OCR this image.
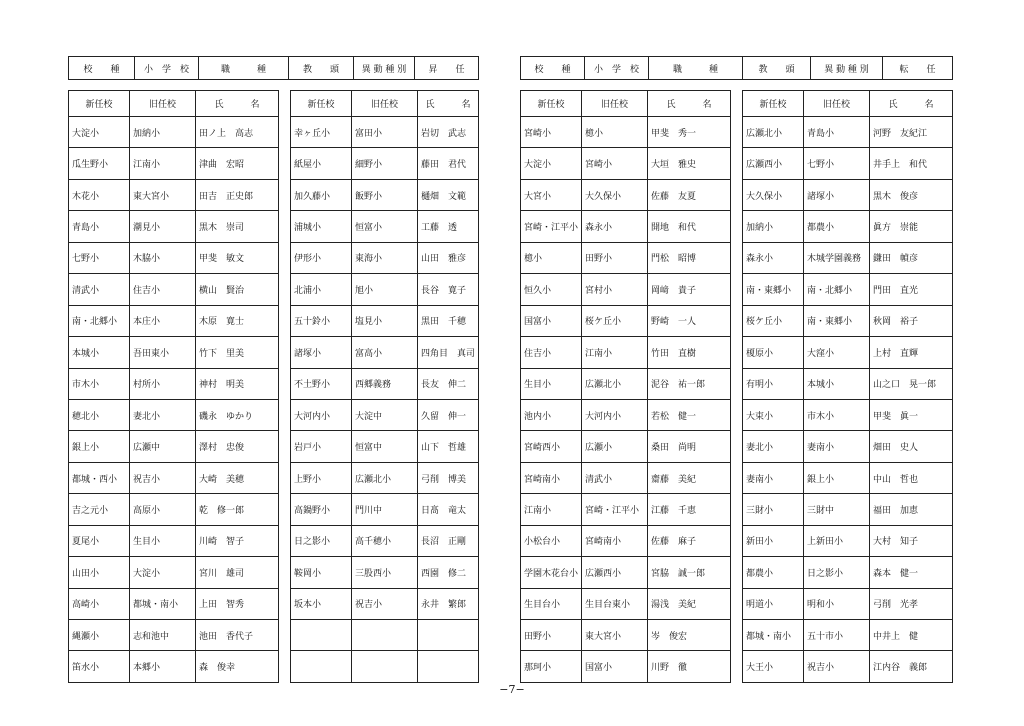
校　　種	小　学　校	職　　　種	教　　頭	異 動 種 別	昇　　任	校　　種	小　学　校	職　　　種	教　　頭	異 動 種 別	転　　任
新任校	旧任校	氏　　　名
大淀小	加納小	田ノ上　高志
瓜生野小	江南小	津曲　宏昭
木花小	東大宮小	田吉　正史郎
青島小	潮見小	黒木　崇司
七野小	木脇小	甲斐　敏文
清武小	住吉小	横山　賢治
南・北郷小	本庄小	木原　寛士
本城小	吾田東小	竹下　里美
市木小	村所小	神村　明美
穂北小	妻北小	磯永　ゆかり
銀上小	広瀬中	澤村　忠俊
都城・西小	祝吉小	大崎　美穂
吉之元小	高原小	乾　修一郎
夏尾小	生目小	川崎　智子
山田小	大淀小	宮川　雄司
高崎小	都城・南小	上田　智秀
縄瀬小	志和池中	池田　香代子
笛水小	本郷小	森　俊幸
新任校	旧任校	氏　　　名
幸ヶ丘小	富田小	岩切　武志
紙屋小	細野小	藤田　君代
加久藤小	飯野小	樋畑　文範
浦城小	恒富小	工藤　透
伊形小	東海小	山田　雅彦
北浦小	旭小	長谷　寛子
五十鈴小	塩見小	黒田　千穂
諸塚小	富高小	四角目　真司
不土野小	西郷義務	長友　伸二
大河内小	大淀中	久留　伸一
岩戸小	恒富中	山下　哲雄
上野小	広瀬北小	弓削　博美
高鍋野小	門川中	日髙　竜太
日之影小	高千穂小	長沼　正剛
鞍岡小	三股西小	西園　修二
坂本小	祝吉小	永井　繁郎
新任校	旧任校	氏　　　名
宮崎小	檍小	甲斐　秀一
大淀小	宮崎小	大垣　雅史
大宮小	大久保小	佐藤　友夏
宮崎・江平小 森永小	開地　和代
檍小	田野小	門松　昭博
恒久小	宮村小	岡﨑　貴子
国富小	桜ケ丘小	野崎　一人
住吉小	江南小	竹田　直樹
生目小	広瀬北小	泥谷　祐一郎
池内小	大河内小	若松　健一
宮崎西小	広瀬小	桑田　尚明
宮崎南小	清武小	齋藤　美紀
江南小	宮崎・江平小	江藤　千恵
小松台小	宮崎南小	佐藤　麻子
学園木花台小 広瀬西小	宮脇　誠一郎
生目台小	生目台東小	湯浅　美紀
田野小	東大宮小	岑　俊宏
那珂小	国富小	川野　徹
新任校	旧任校	氏　　　名
広瀬北小	青島小	河野　友紀江
広瀬西小	七野小	井手上　和代
大久保小	諸塚小	黒木　俊彦
加納小	都農小	眞方　崇能
森永小	木城学園義務	鎌田　幀彦
南・東郷小	南・北郷小	門田　直光
桜ケ丘小	南・東郷小	秋岡　裕子
榎原小	大窪小	上村　直輝
有明小	本城小	山之口　晃一郎
大束小	市木小	甲斐　眞一
妻北小	妻南小	畑田　史人
妻南小	銀上小	中山　哲也
三財小	三財中	福田　加恵
新田小	上新田小	大村　知子
都農小	日之影小	森本　健一
明道小	明和小	弓削　光孝
都城・南小	五十市小	中井上　健
大王小	祝吉小	江内谷　義郎
−7−
